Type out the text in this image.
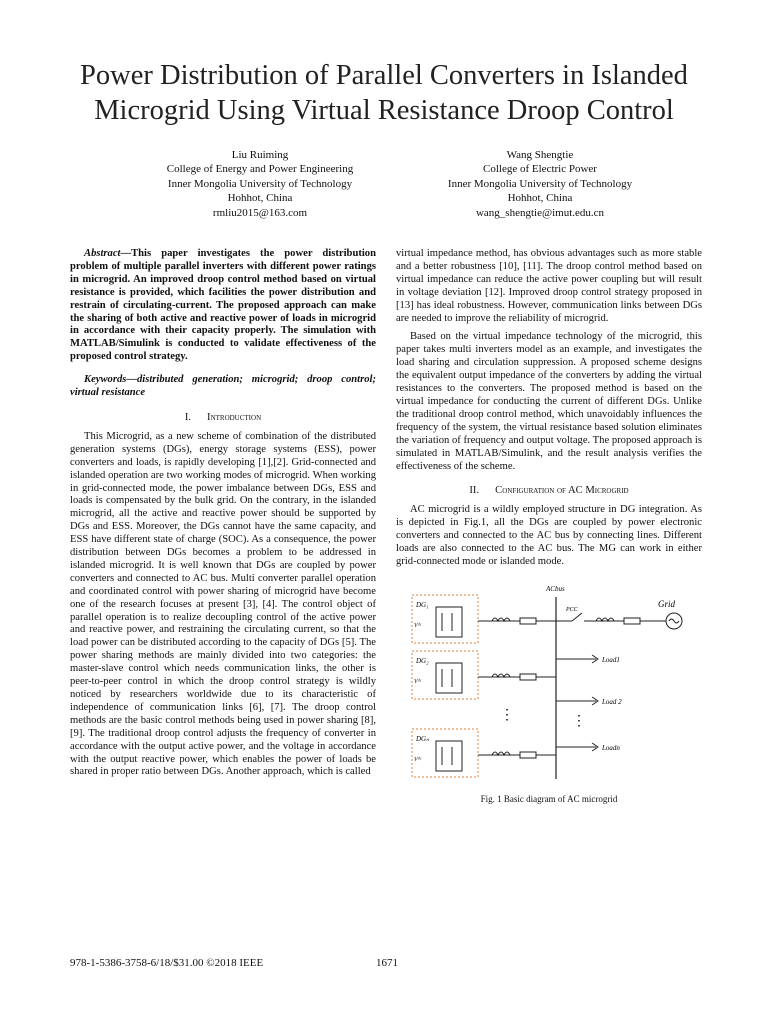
Power Distribution of Parallel Converters in Islanded Microgrid Using Virtual Resistance Droop Control
Liu Ruiming
College of Energy and Power Engineering
Inner Mongolia University of Technology
Hohhot, China
rmliu2015@163.com
Wang Shengtie
College of Electric Power
Inner Mongolia University of Technology
Hohhot, China
wang_shengtie@imut.edu.cn

Abstract—This paper investigates the power distribution problem of multiple parallel inverters with different power ratings in microgrid. An improved droop control method based on virtual resistance is provided, which facilities the power distribution and restrain of circulating-current. The proposed approach can make the sharing of both active and reactive power of loads in microgrid in accordance with their capacity properly. The simulation with MATLAB/Simulink is conducted to validate effectiveness of the proposed control strategy.

Keywords—distributed generation; microgrid; droop control; virtual resistance

I. Introduction

This Microgrid, as a new scheme of combination of the distributed generation systems (DGs), energy storage systems (ESS), power converters and loads, is rapidly developing [1],[2]. Grid-connected and islanded operation are two working modes of microgrid. When working in grid-connected mode, the power imbalance between DGs, ESS and loads is compensated by the bulk grid. On the contrary, in the islanded microgrid, all the active and reactive power should be supported by DGs and ESS. Moreover, the DGs cannot have the same capacity, and ESS have different state of charge (SOC). As a consequence, the power distribution between DGs becomes a problem to be addressed in islanded microgrid. It is well known that DGs are coupled by power converters and connected to AC bus. Multi converter parallel operation and coordinated control with power sharing of microgrid have become one of the research focuses at present [3], [4]. The control object of parallel operation is to realize decoupling control of the active power and reactive power, and restraining the circulating current, so that the load power can be distributed according to the capacity of DGs [5]. The power sharing methods are mainly divided into two categories: the master-slave control which needs communication links, the other is peer-to-peer control in which the droop control strategy is wildly noticed by researchers worldwide due to its characteristic of independence of communication links [6], [7]. The droop control methods are the basic control methods being used in power sharing [8], [9]. The traditional droop control adjusts the frequency of converter in accordance with the output active power, and the voltage in accordance with the output reactive power, which enables the power of loads be shared in proper ratio between DGs. Another approach, which is called

virtual impedance method, has obvious advantages such as more stable and a better robustness [10], [11]. The droop control method based on virtual impedance can reduce the active power coupling but will result in voltage deviation [12]. Improved droop control strategy proposed in [13] has ideal robustness. However, communication links between DGs are needed to improve the reliability of microgrid.

Based on the virtual impedance technology of the microgrid, this paper takes multi inverters model as an example, and investigates the load sharing and circulation suppression. A proposed scheme designs the equivalent output impedance of the converters by adding the virtual resistances to the converters. The proposed method is based on the virtual impedance for conducting the current of different DGs. Unlike the traditional droop control method, which unavoidably influences the frequency of the system, the virtual resistance based solution eliminates the variation of frequency and output voltage. The proposed approach is simulated in MATLAB/Simulink, and the result analysis verifies the effectiveness of the scheme.

II. Configuration of AC Microgrid

AC microgrid is a wildly employed structure in DG integration. As is depicted in Fig.1, all the DGs are coupled by power electronic converters and connected to the AC bus by connecting lines. Different loads are also connected to the AC bus. The MG can work in either grid-connected mode or islanded mode.

ACbus
DG₁
Vᵈᶜ
PCC
Grid
DG₂
Vᵈᶜ
⋮	⋮
DGₙ
Vᵈᶜ
Load1
Load 2
Loadn
Fig. 1 Basic diagram of AC microgrid
978-1-5386-3758-6/18/$31.00 ©2018 IEEE	1671
